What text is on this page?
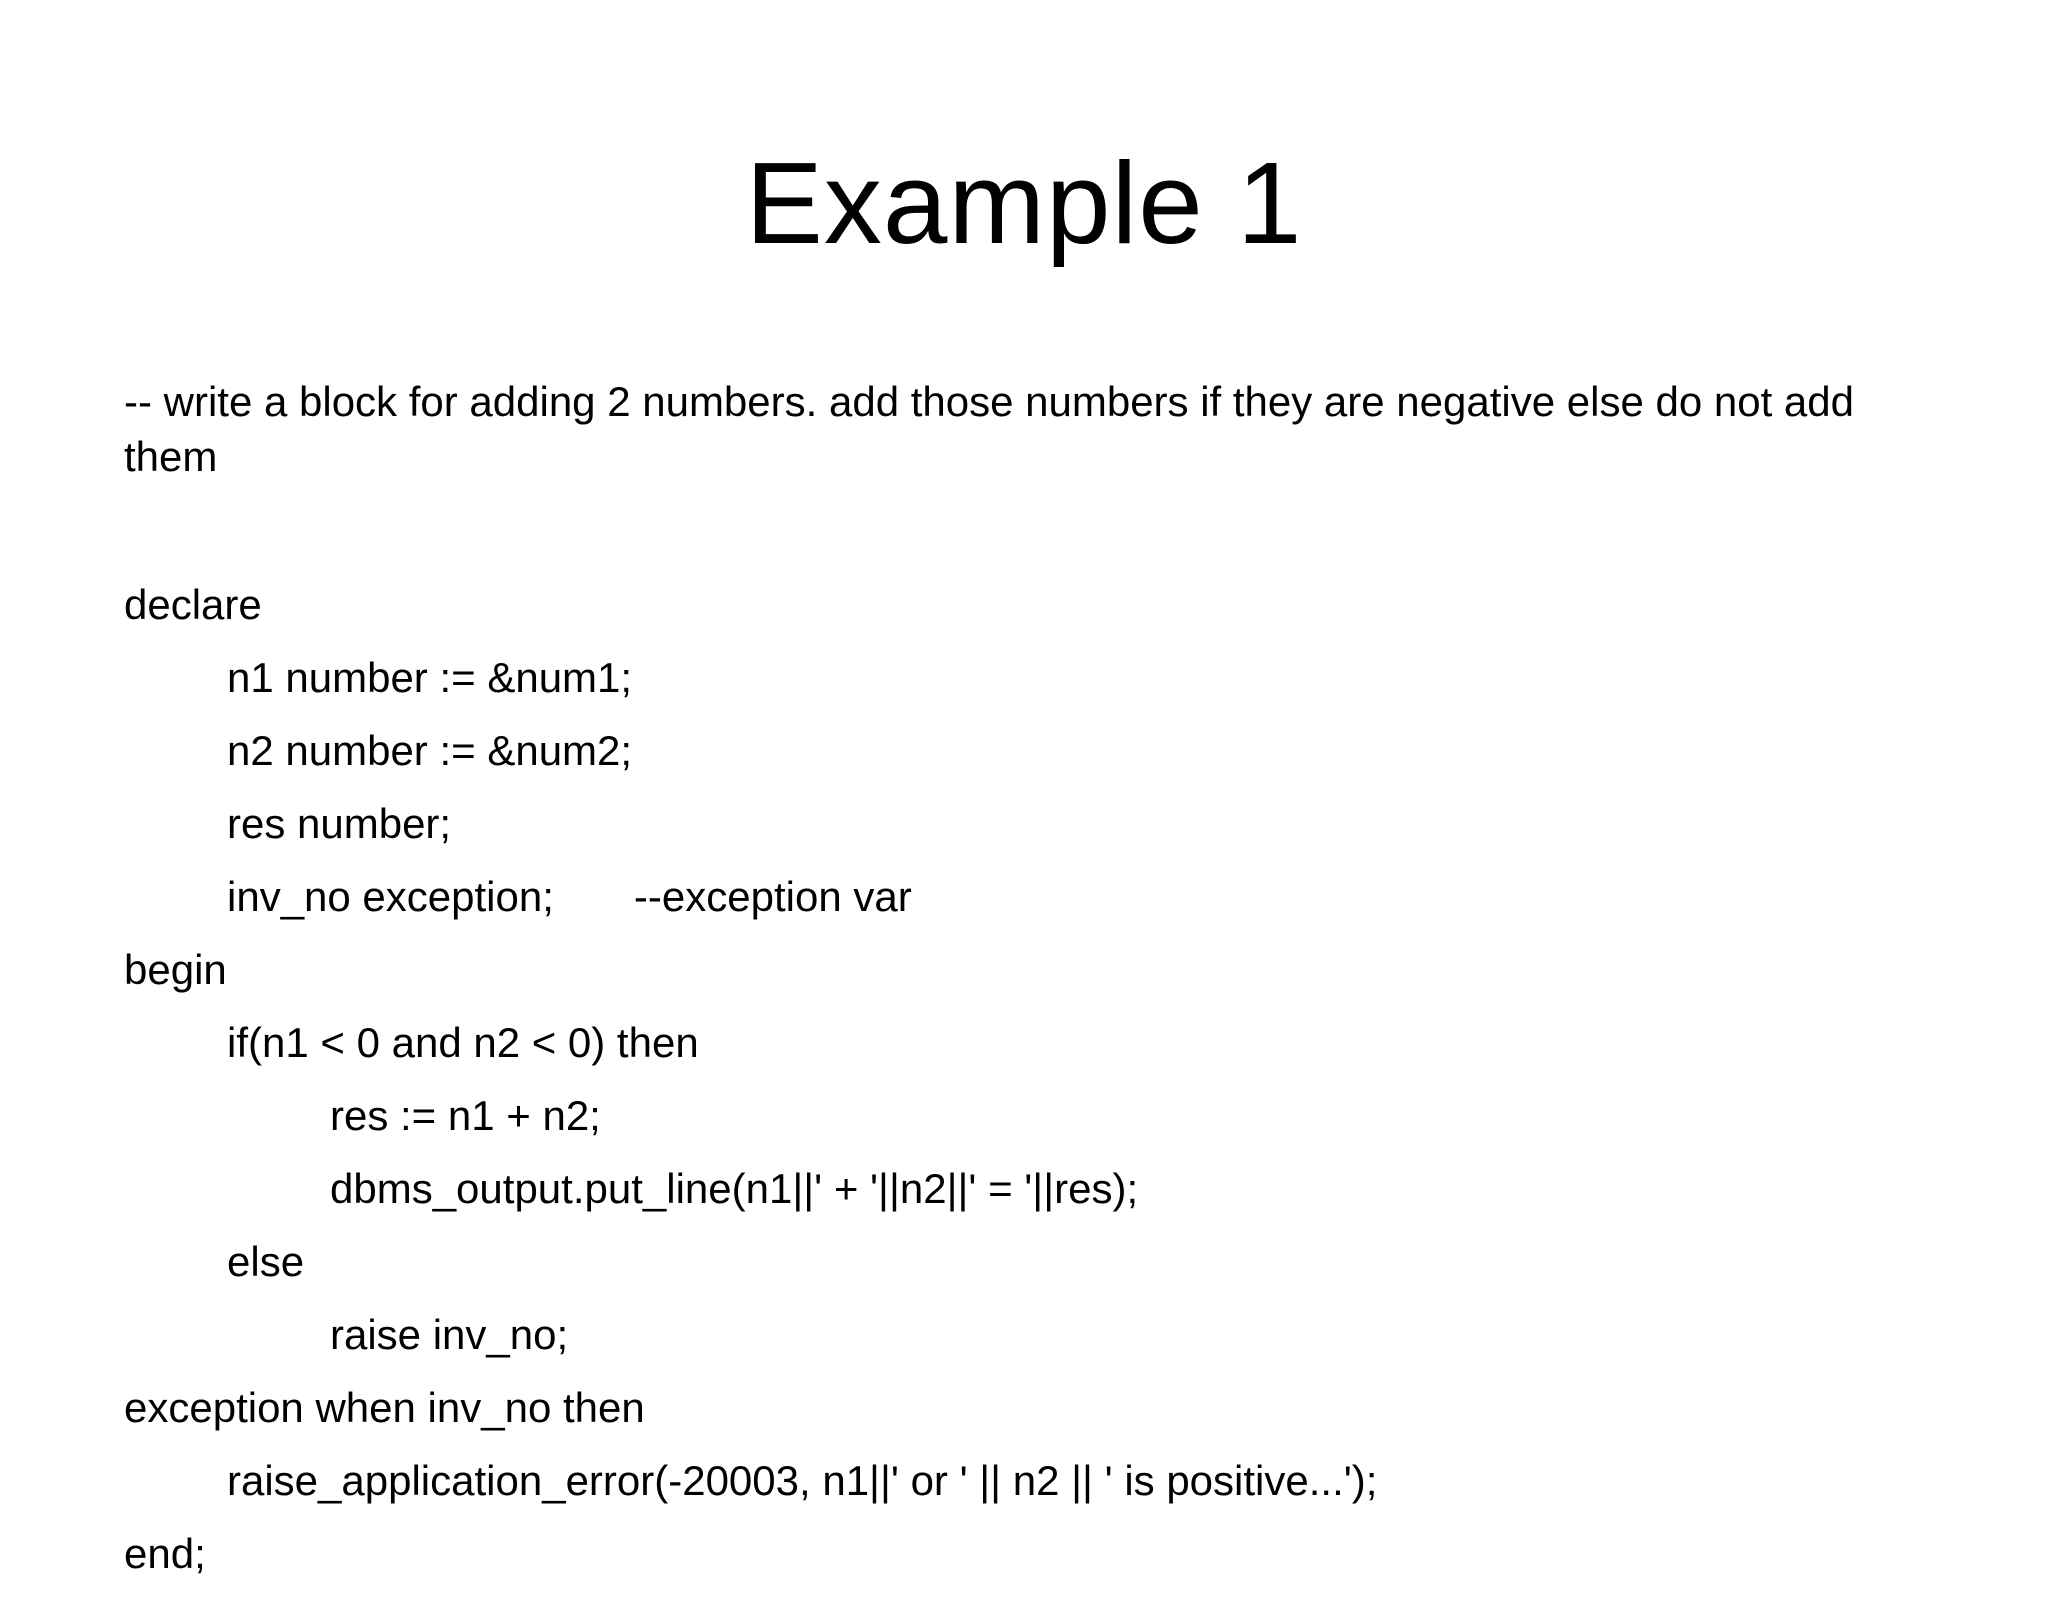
Example 1
-- write a block for adding 2 numbers. add those numbers if they are negative else do not add them
declare
n1 number := &num1;
n2 number := &num2;
res number;
inv_no exception; --exception var
begin
if(n1 < 0 and n2 < 0) then
res := n1 + n2;
dbms_output.put_line(n1||' + '||n2||' = '||res);
else
raise inv_no;
exception when inv_no then
raise_application_error(-20003, n1||' or ' || n2 || ' is positive...');
end;
